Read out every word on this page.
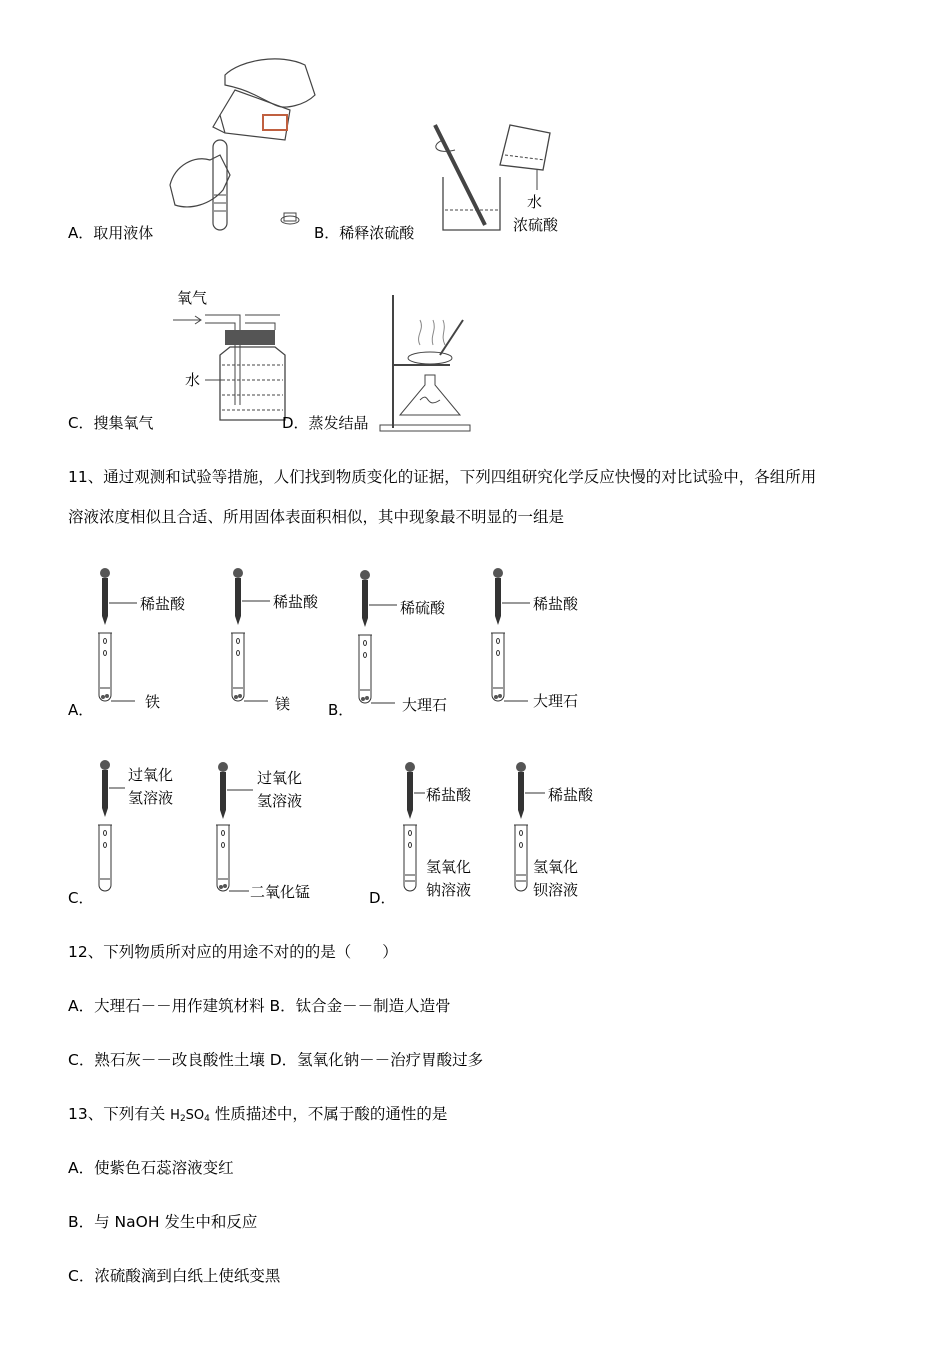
A．取用液体
水
浓硫酸
B．稀释浓硫酸
氧气
水
C．搜集氧气	D．蒸发结晶
11、通过观测和试验等措施，人们找到物质变化的证据，下列四组研究化学反应快慢的对比试验中，各组所用
溶液浓度相似且合适、所用固体表面积相似，其中现象最不明显的一组是
稀盐酸
铁
稀盐酸
镁
A．
稀硫酸
大理石
稀盐酸
大理石
B．
过氧化
氢溶液
过氧化
氢溶液
二氧化锰
C．
稀盐酸
氢氧化
钠溶液
稀盐酸
氢氧化
钡溶液
D．
12、下列物质所对应的用途不对的的是（　　）
A．大理石－－用作建筑材料 B．钛合金－－制造人造骨
C．熟石灰－－改良酸性土壤 D．氢氧化钠－－治疗胃酸过多
13、下列有关 $H_2SO_4$ 性质描述中，不属于酸的通性的是
A．使紫色石蕊溶液变红
B．与 NaOH 发生中和反应
C．浓硫酸滴到白纸上使纸变黑
